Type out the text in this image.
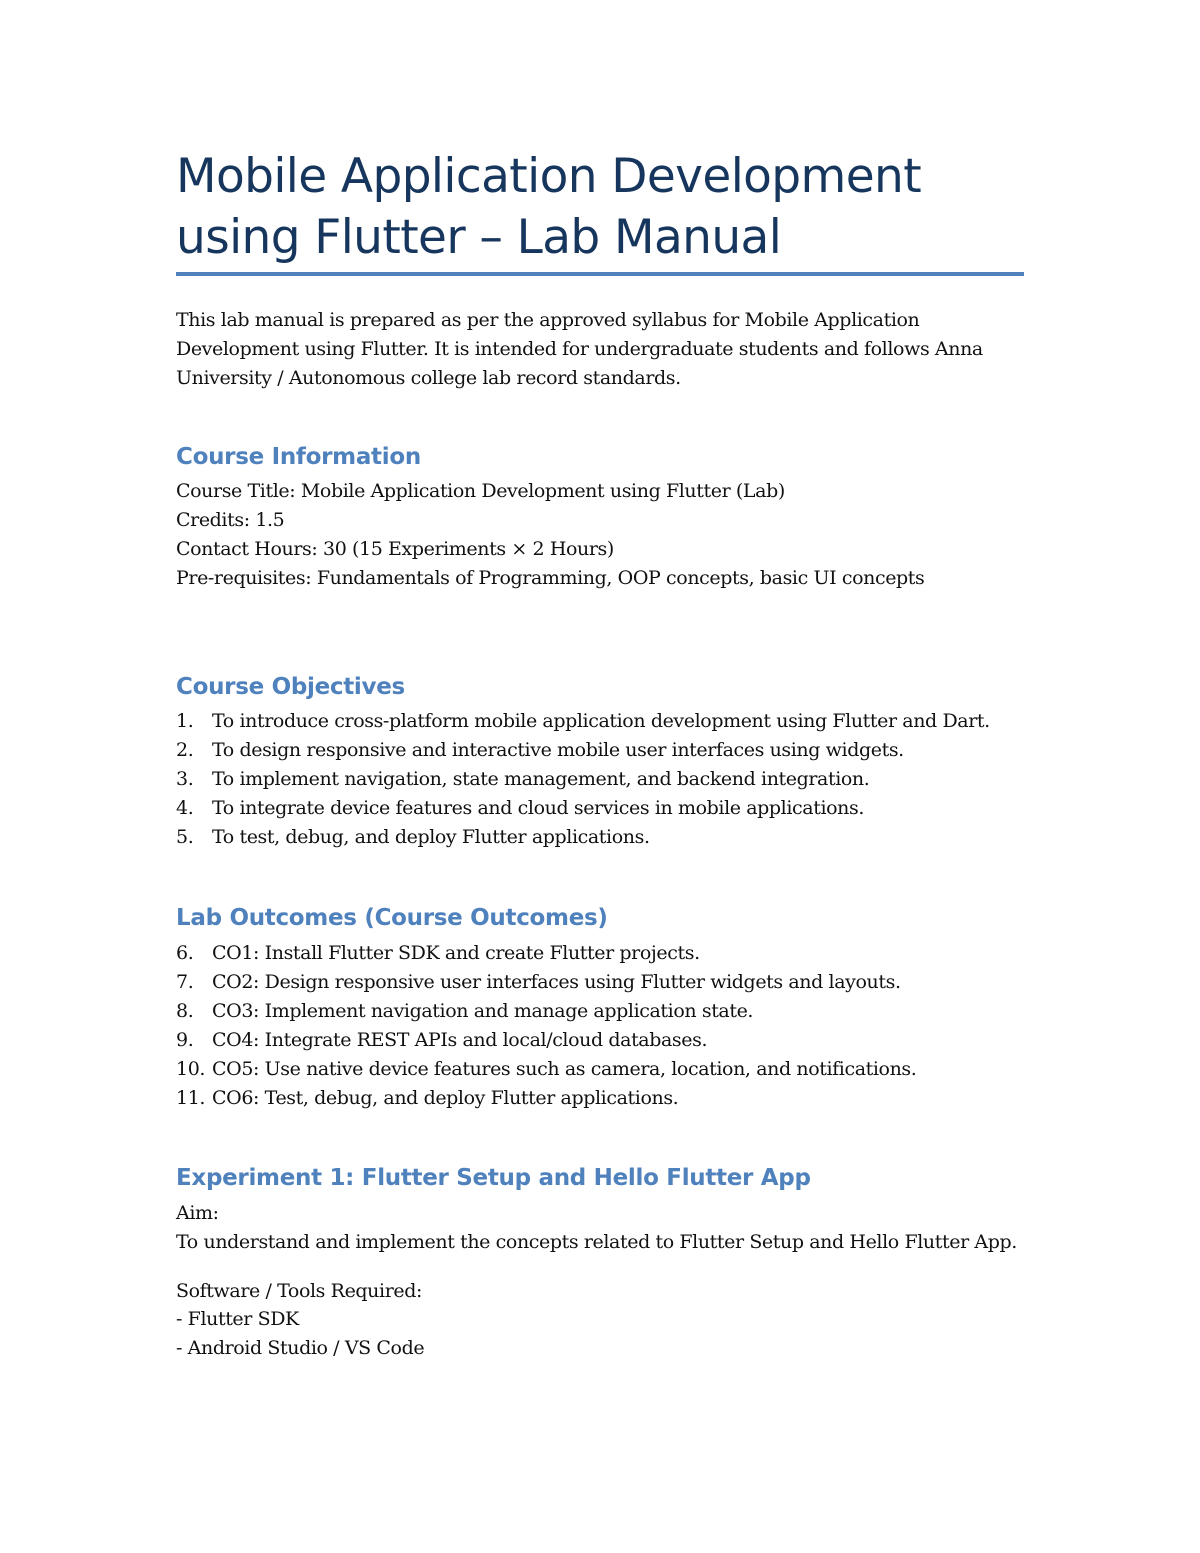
Mobile Application Development using Flutter – Lab Manual

This lab manual is prepared as per the approved syllabus for Mobile Application Development using Flutter. It is intended for undergraduate students and follows Anna University / Autonomous college lab record standards.

Course Information
Course Title: Mobile Application Development using Flutter (Lab)
Credits: 1.5
Contact Hours: 30 (15 Experiments × 2 Hours)
Pre-requisites: Fundamentals of Programming, OOP concepts, basic UI concepts
Course Objectives
1. To introduce cross-platform mobile application development using Flutter and Dart.
2. To design responsive and interactive mobile user interfaces using widgets.
3. To implement navigation, state management, and backend integration.
4. To integrate device features and cloud services in mobile applications.
5. To test, debug, and deploy Flutter applications.
Lab Outcomes (Course Outcomes)
6. CO1: Install Flutter SDK and create Flutter projects.
7. CO2: Design responsive user interfaces using Flutter widgets and layouts.
8. CO3: Implement navigation and manage application state.
9. CO4: Integrate REST APIs and local/cloud databases.
10. CO5: Use native device features such as camera, location, and notifications.
11. CO6: Test, debug, and deploy Flutter applications.
Experiment 1: Flutter Setup and Hello Flutter App

Aim:

To understand and implement the concepts related to Flutter Setup and Hello Flutter App.

Software / Tools Required:

- Flutter SDK
- Android Studio / VS Code
